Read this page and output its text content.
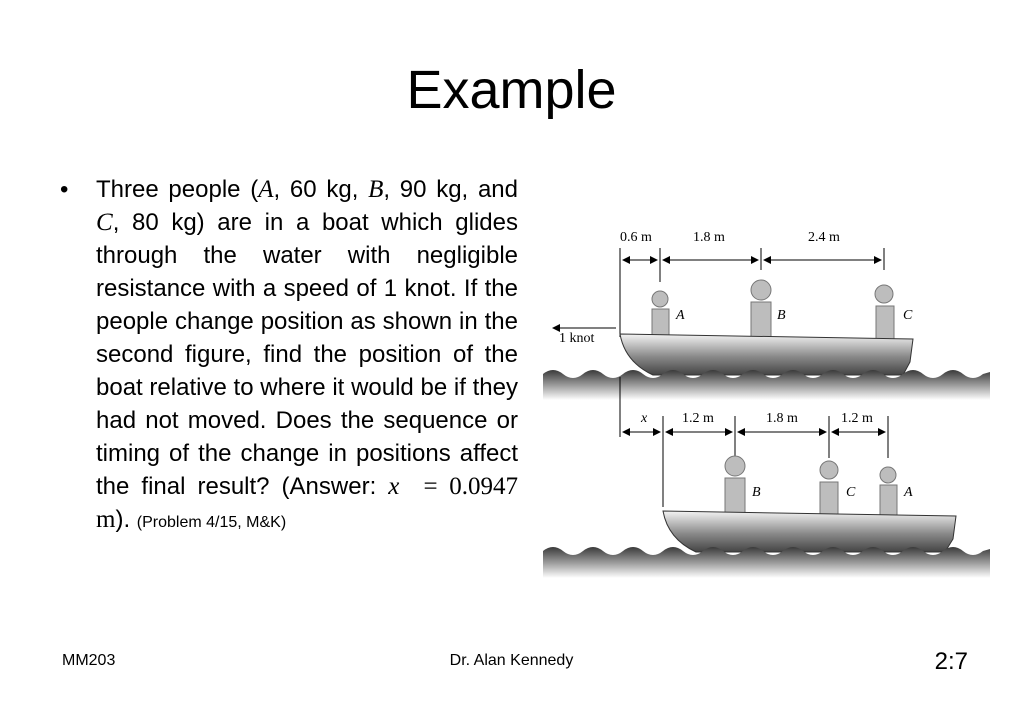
Example
• Three people (A, 60 kg, B, 90 kg, and C, 80 kg) are in a boat which glides through the water with negligible resistance with a speed of 1 knot. If the people change position as shown in the second figure, find the position of the boat relative to where it would be if they had not moved. Does the sequence or timing of the change in positions affect the final result? (Answer: x = 0.0947 m). (Problem 4/15, M&K)
0.6 m	1.8 m	2.4 m
1 knot
A	B	C
x 1.2 m	1.8 m	1.2 m
B	C	A
MM203	Dr. Alan Kennedy	2:7
